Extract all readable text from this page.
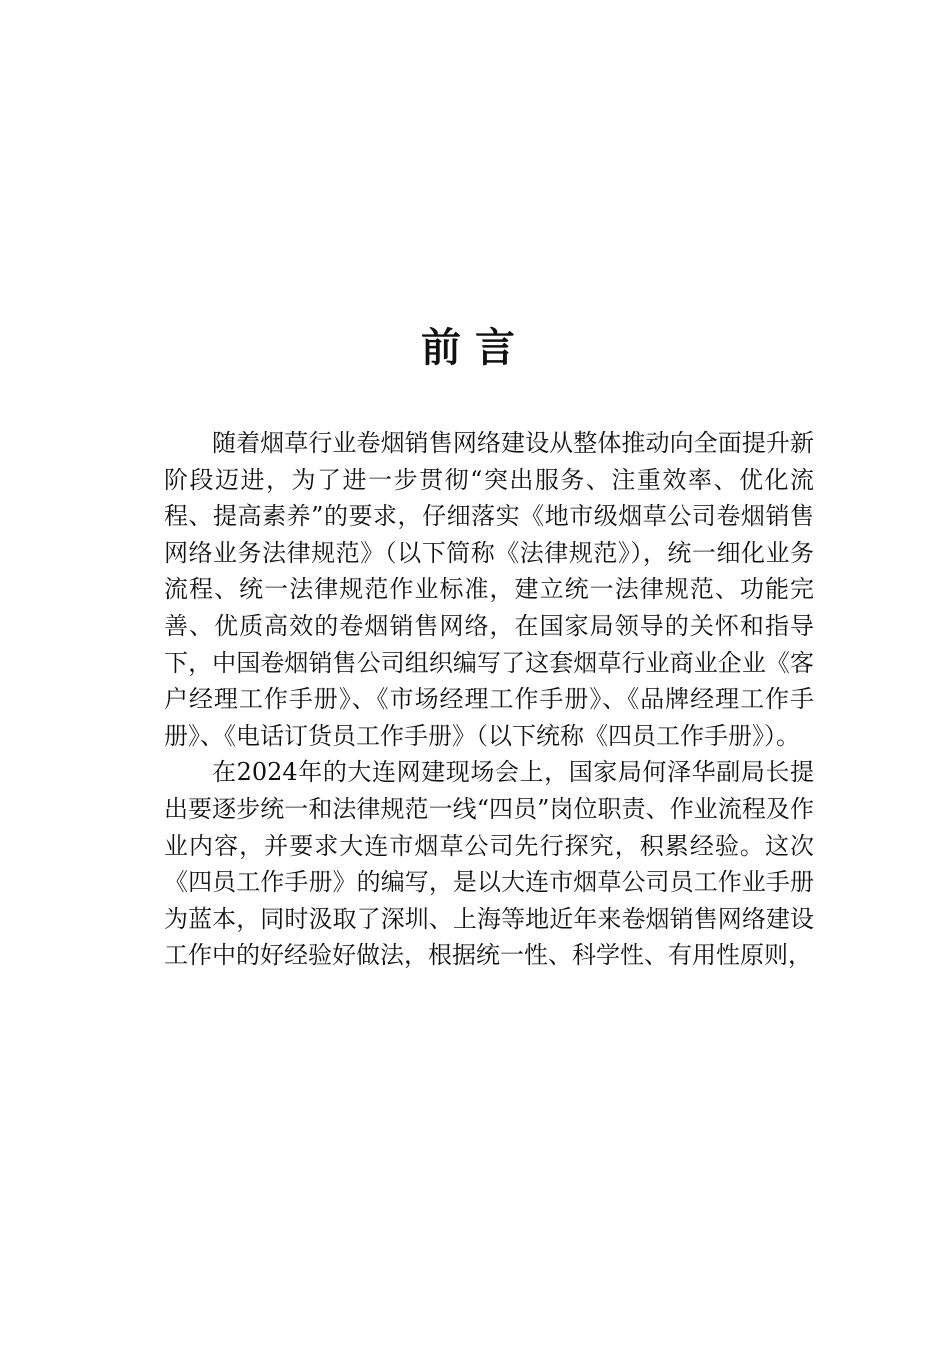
前言

随着烟草行业卷烟销售网络建设从整体推动向全面提升新阶段迈进，为了进一步贯彻“突出服务、注重效率、优化流程、提高素养”的要求，仔细落实《地市级烟草公司卷烟销售网络业务法律规范》（以下简称《法律规范》），统一细化业务流程、统一法律规范作业标准，建立统一法律规范、功能完善、优质高效的卷烟销售网络，在国家局领导的关怀和指导下，中国卷烟销售公司组织编写了这套烟草行业商业企业《客户经理工作手册》、《市场经理工作手册》、《品牌经理工作手册》、《电话订货员工作手册》（以下统称《四员工作手册》）。

在2024年的大连网建现场会上，国家局何泽华副局长提出要逐步统一和法律规范一线“四员”岗位职责、作业流程及作业内容，并要求大连市烟草公司先行探究，积累经验。这次《四员工作手册》的编写，是以大连市烟草公司员工作业手册为蓝本，同时汲取了深圳、上海等地近年来卷烟销售网络建设工作中的好经验好做法，根据统一性、科学性、有用性原则，
